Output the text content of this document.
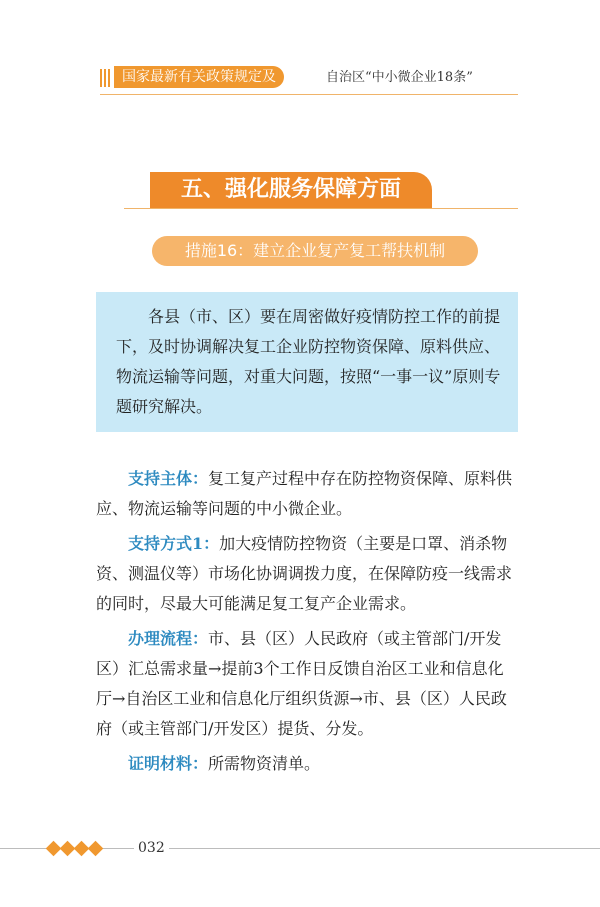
国家最新有关政策规定及	自治区“中小微企业18条”
五、强化服务保障方面
措施16：建立企业复产复工帮扶机制

各县（市、区）要在周密做好疫情防控工作的前提下，及时协调解决复工企业防控物资保障、原料供应、物流运输等问题，对重大问题，按照“一事一议”原则专题研究解决。

支持主体：复工复产过程中存在防控物资保障、原料供应、物流运输等问题的中小微企业。

支持方式1：加大疫情防控物资（主要是口罩、消杀物资、测温仪等）市场化协调调拨力度，在保障防疫一线需求的同时，尽最大可能满足复工复产企业需求。

办理流程：市、县（区）人民政府（或主管部门/开发区）汇总需求量→提前3个工作日反馈自治区工业和信息化厅→自治区工业和信息化厅组织货源→市、县（区）人民政府（或主管部门/开发区）提货、分发。

证明材料：所需物资清单。

032
